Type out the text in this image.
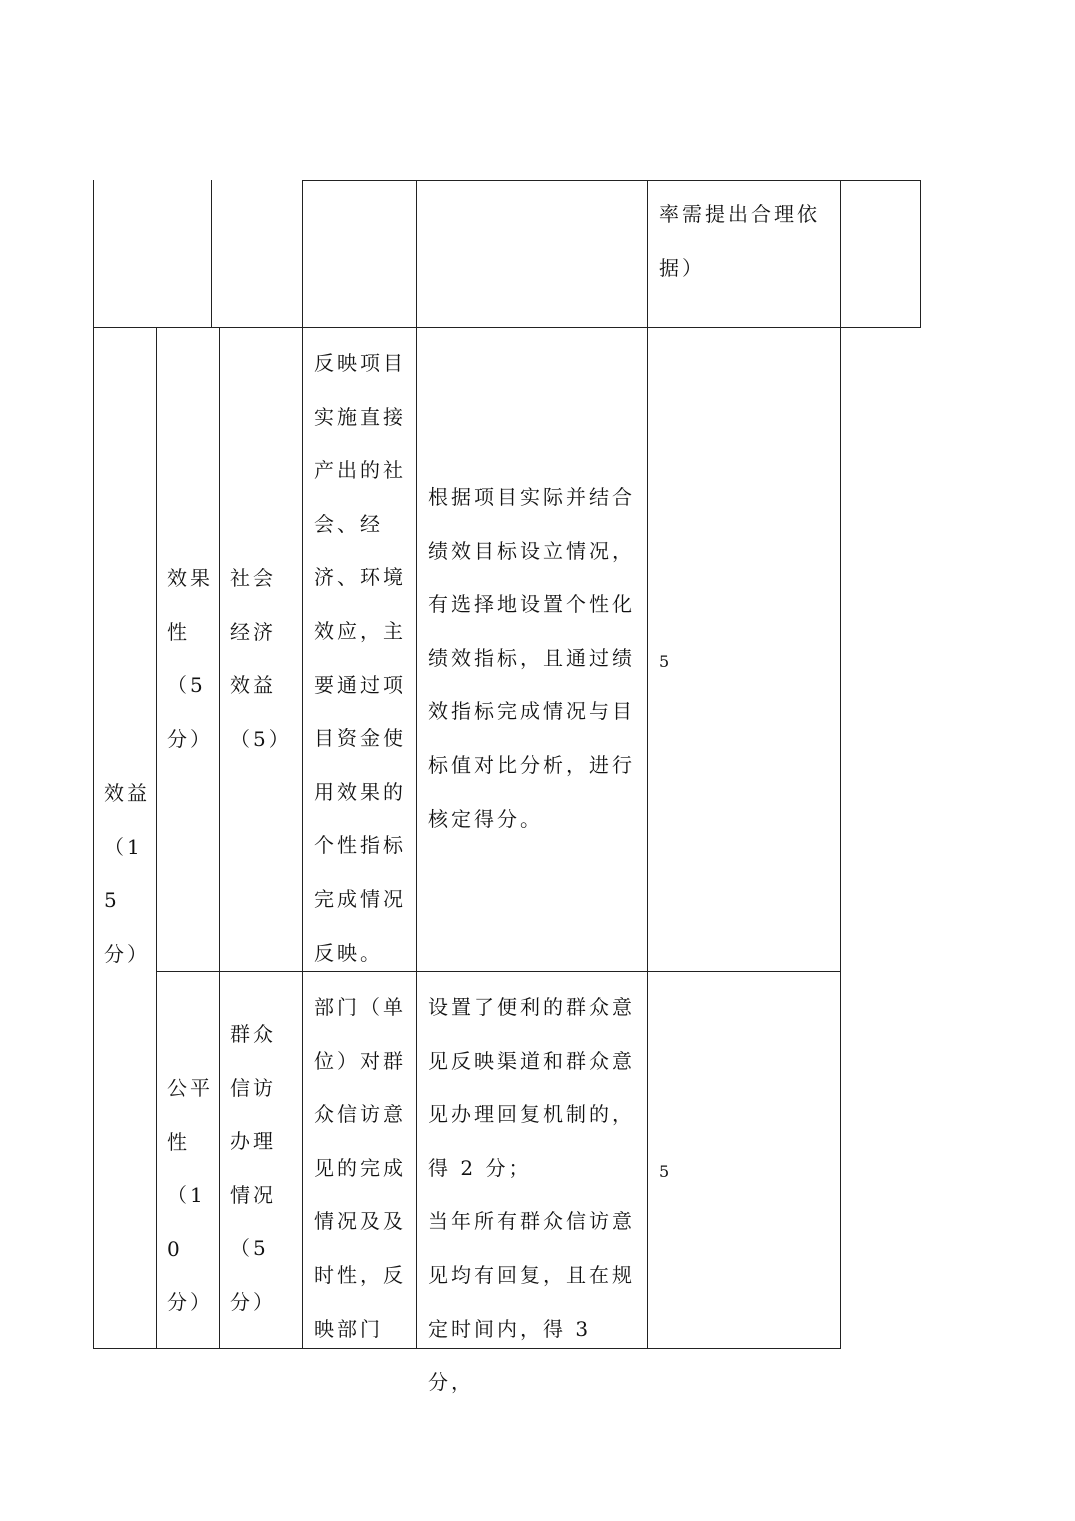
率需提出合理依
据）
效益
（15
分）
效果
性
（5
分）
社会
经济
效益
（5）
反映项目
实施直接
产出的社
会、经
济、环境
效应，主
要通过项
目资金使
用效果的
个性指标
完成情况
反映。
根据项目实际并结合
绩效目标设立情况，
有选择地设置个性化
绩效指标，且通过绩
效指标完成情况与目
标值对比分析，进行
核定得分。
5
公平
性
（10
分）
群众
信访
办理
情况
（5
分）
部门（单
位）对群
众信访意
见的完成
情况及及
时性，反
映部门
设置了便利的群众意
见反映渠道和群众意
见办理回复机制的，
得 2 分；
当年所有群众信访意
见均有回复，且在规
定时间内，得 3 分，
5
